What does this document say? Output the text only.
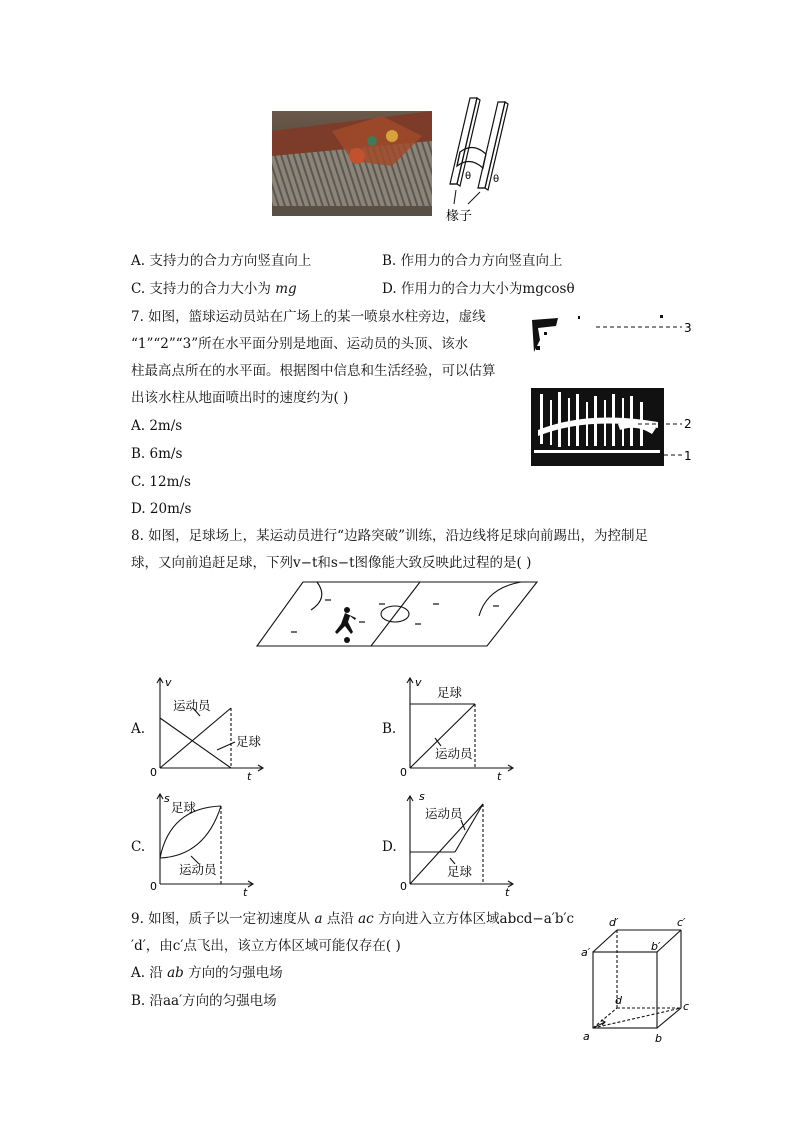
θ θ
椽子
A. 支持力的合力方向竖直向上	B. 作用力的合力方向竖直向上
C. 支持力的合力大小为 mg	D. 作用力的合力大小为mgcosθ
7. 如图，篮球运动员站在广场上的某一喷泉水柱旁边，虚线
“1”“2”“3”所在水平面分别是地面、运动员的头顶、该水
柱最高点所在的水平面。根据图中信息和生活经验，可以估算
出该水柱从地面喷出时的速度约为( )
A. 2m/s
B. 6m/s
C. 12m/s
D. 20m/s
3
2
1
8. 如图，足球场上，某运动员进行“边路突破”训练，沿边线将足球向前踢出，为控制足
球，又向前追赶足球，下列v−t和s−t图像能大致反映此过程的是( )
A.
v
t
0
运动员
足球
B.
v
t
0
足球
运动员
C.
s
t
0
足球
运动员
D.
s
t
0
运动员
足球
9. 如图，质子以一定初速度从 a 点沿 ac 方向进入立方体区域abcd−a′b′c
′d′，由c′点飞出，该立方体区域可能仅存在( )
A. 沿 ab 方向的匀强电场
B. 沿aa′方向的匀强电场
d′	c′
a′	b′
d	c
a	b
